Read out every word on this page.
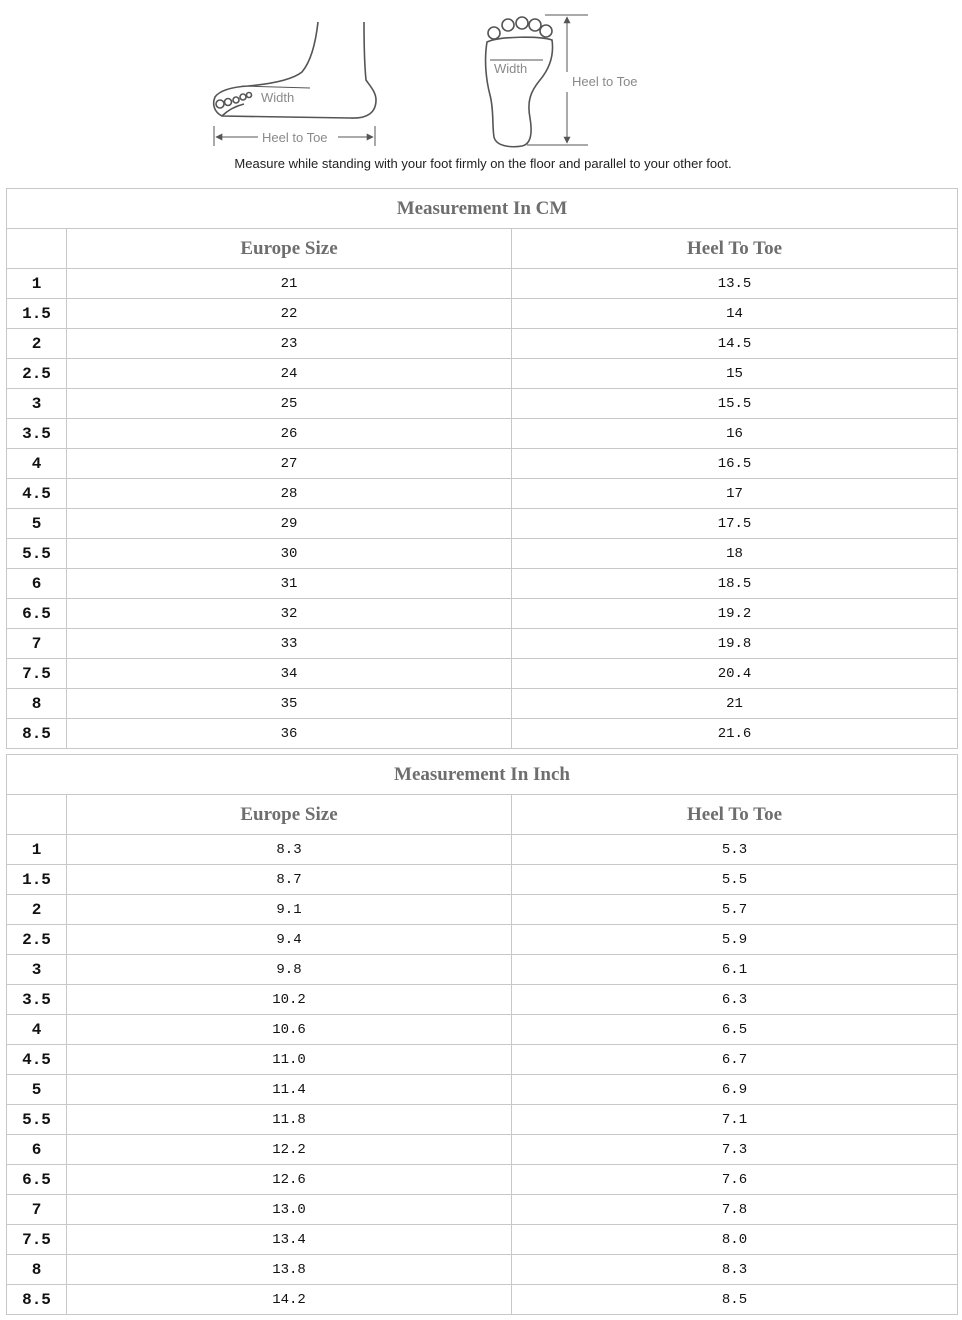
Width
Heel to Toe
Width
Heel to Toe
Measure while standing with your foot firmly on the floor and parallel to your other foot.
Measurement In CM		
	Europe Size	Heel To Toe
1	21	13.5
1.5	22	14
2	23	14.5
2.5	24	15
3	25	15.5
3.5	26	16
4	27	16.5
4.5	28	17
5	29	17.5
5.5	30	18
6	31	18.5
6.5	32	19.2
7	33	19.8
7.5	34	20.4
8	35	21
8.5	36	21.6
Measurement In Inch		
	Europe Size	Heel To Toe
1	8.3	5.3
1.5	8.7	5.5
2	9.1	5.7
2.5	9.4	5.9
3	9.8	6.1
3.5	10.2	6.3
4	10.6	6.5
4.5	11.0	6.7
5	11.4	6.9
5.5	11.8	7.1
6	12.2	7.3
6.5	12.6	7.6
7	13.0	7.8
7.5	13.4	8.0
8	13.8	8.3
8.5	14.2	8.5
